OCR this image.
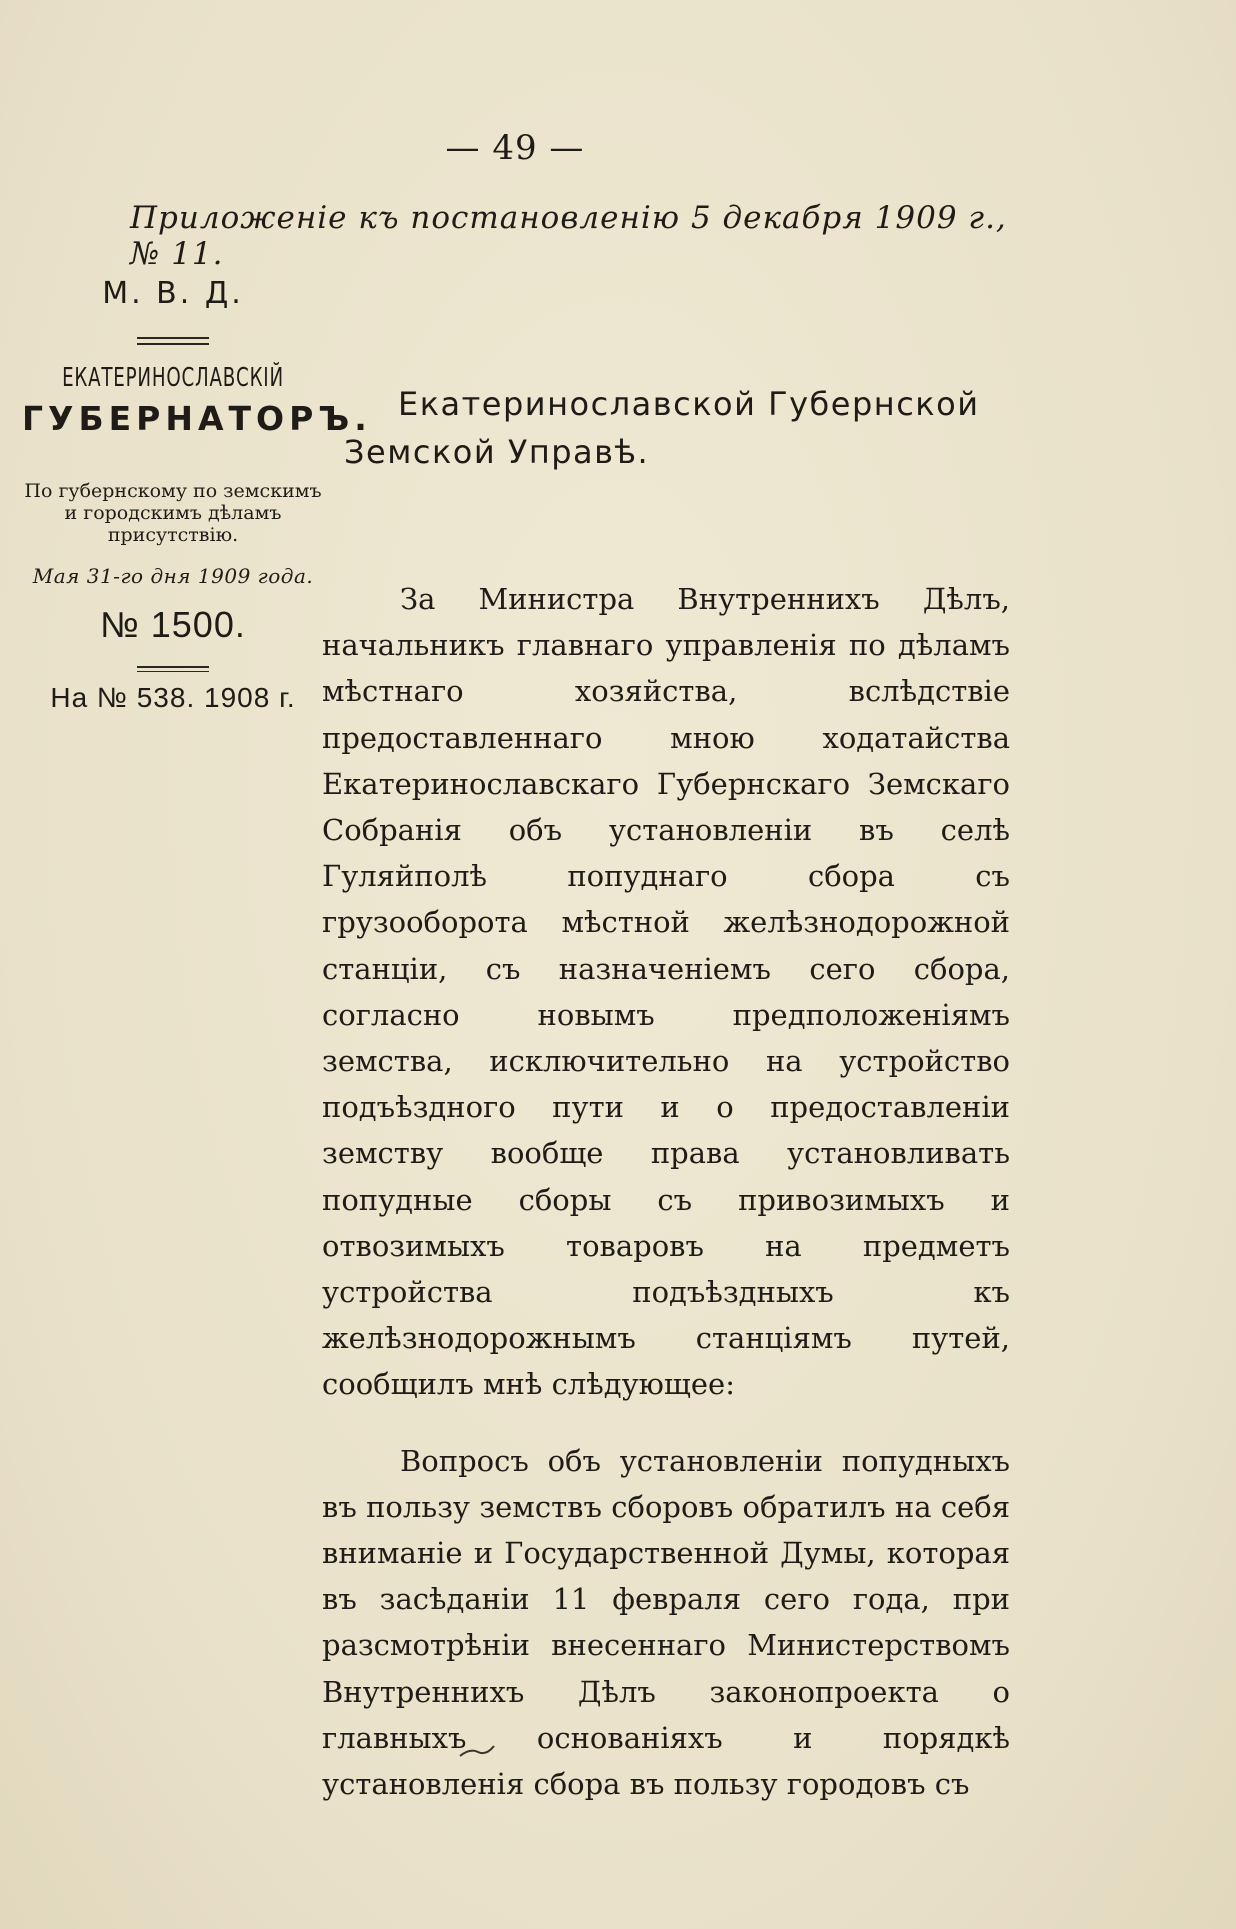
— 49 —
Приложенiе къ постановленiю 5 декабря 1909 г., № 11.
М. В. Д.
ЕКАТЕРИНОСЛАВСКIЙ
ГУБЕРНАТОРЪ.
По губернскому по земскимъ и городскимъ дѣламъ присутствiю.
Мая 31-го дня 1909 года.
№ 1500.
На № 538. 1908 г.
Екатеринославской Губернской
Земской Управѣ.

За Министра Внутреннихъ Дѣлъ, начальникъ главнаго управленiя по дѣламъ мѣстнаго хозяйства, вслѣдствiе предоставленнаго мною ходатайства Екатеринославскаго Губернскаго Земскаго Собранiя объ установленiи въ селѣ Гуляйполѣ попуднаго сбора съ грузооборота мѣстной желѣзнодорожной станцiи, съ назначенiемъ сего сбора, согласно новымъ предположенiямъ земства, исключительно на устройство подъѣздного пути и о предоставленiи земству вообще права установливать попудные сборы съ привозимыхъ и отвозимыхъ товаровъ на предметъ устройства подъѣздныхъ къ желѣзнодорожнымъ станцiямъ путей, сообщилъ мнѣ слѣдующее:

Вопросъ объ установленiи попудныхъ въ пользу земствъ сборовъ обратилъ на себя вниманiе и Государственной Думы, которая въ засѣданiи 11 февраля сего года, при разсмотрѣнiи внесеннаго Министерствомъ Внутреннихъ Дѣлъ законопроекта о главныхъ основанiяхъ и порядкѣ установленiя сбора въ пользу городовъ съ
